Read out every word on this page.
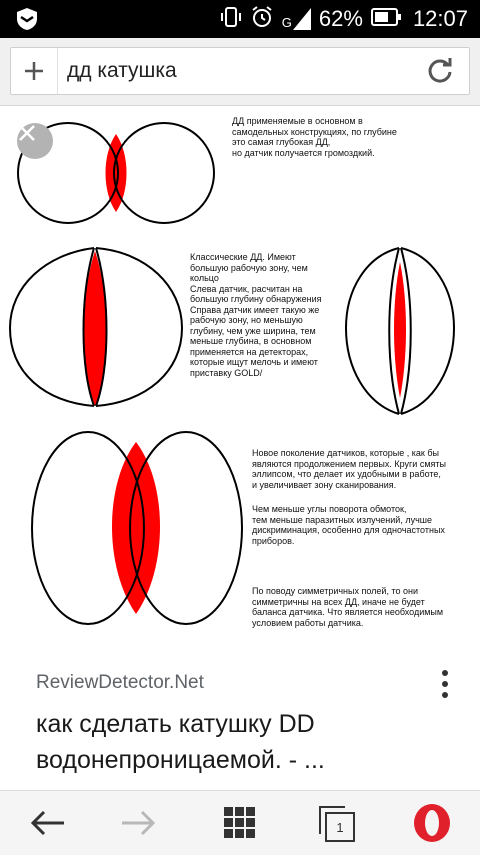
G 62% 12:07
дд катушка
ДД применяемые в основном в
самодельных конструкциях, по глубине
это самая глубокая ДД,
но датчик получается громоздкий.
Классические ДД. Имеют
большую рабочую зону, чем
кольцо
Слева датчик, расчитан на
большую глубину обнаружения
Справа датчик имеет такую же
рабочую зону, но меньшую
глубину, чем уже ширина, тем
меньше глубина, в основном
применяется на детекторах,
которые ищут мелочь и имеют
приставку GOLD/
Новое поколение датчиков, которые , как бы
являются продолжением первых. Круги смяты
эллипсом, что делает их удобными в работе,
и увеличивает зону сканирования.
Чем меньше углы поворота обмоток,
тем меньше паразитных излучений, лучше
дискриминация, особенно для одночастотных
приборов.
По поводу симметричных полей, то они
симметричны на всех ДД, иначе не будет
баланса датчика. Что является необходимым
условием работы датчика.
ReviewDetector.Net
как сделать катушку DD водонепроницаемой. - ...
1
